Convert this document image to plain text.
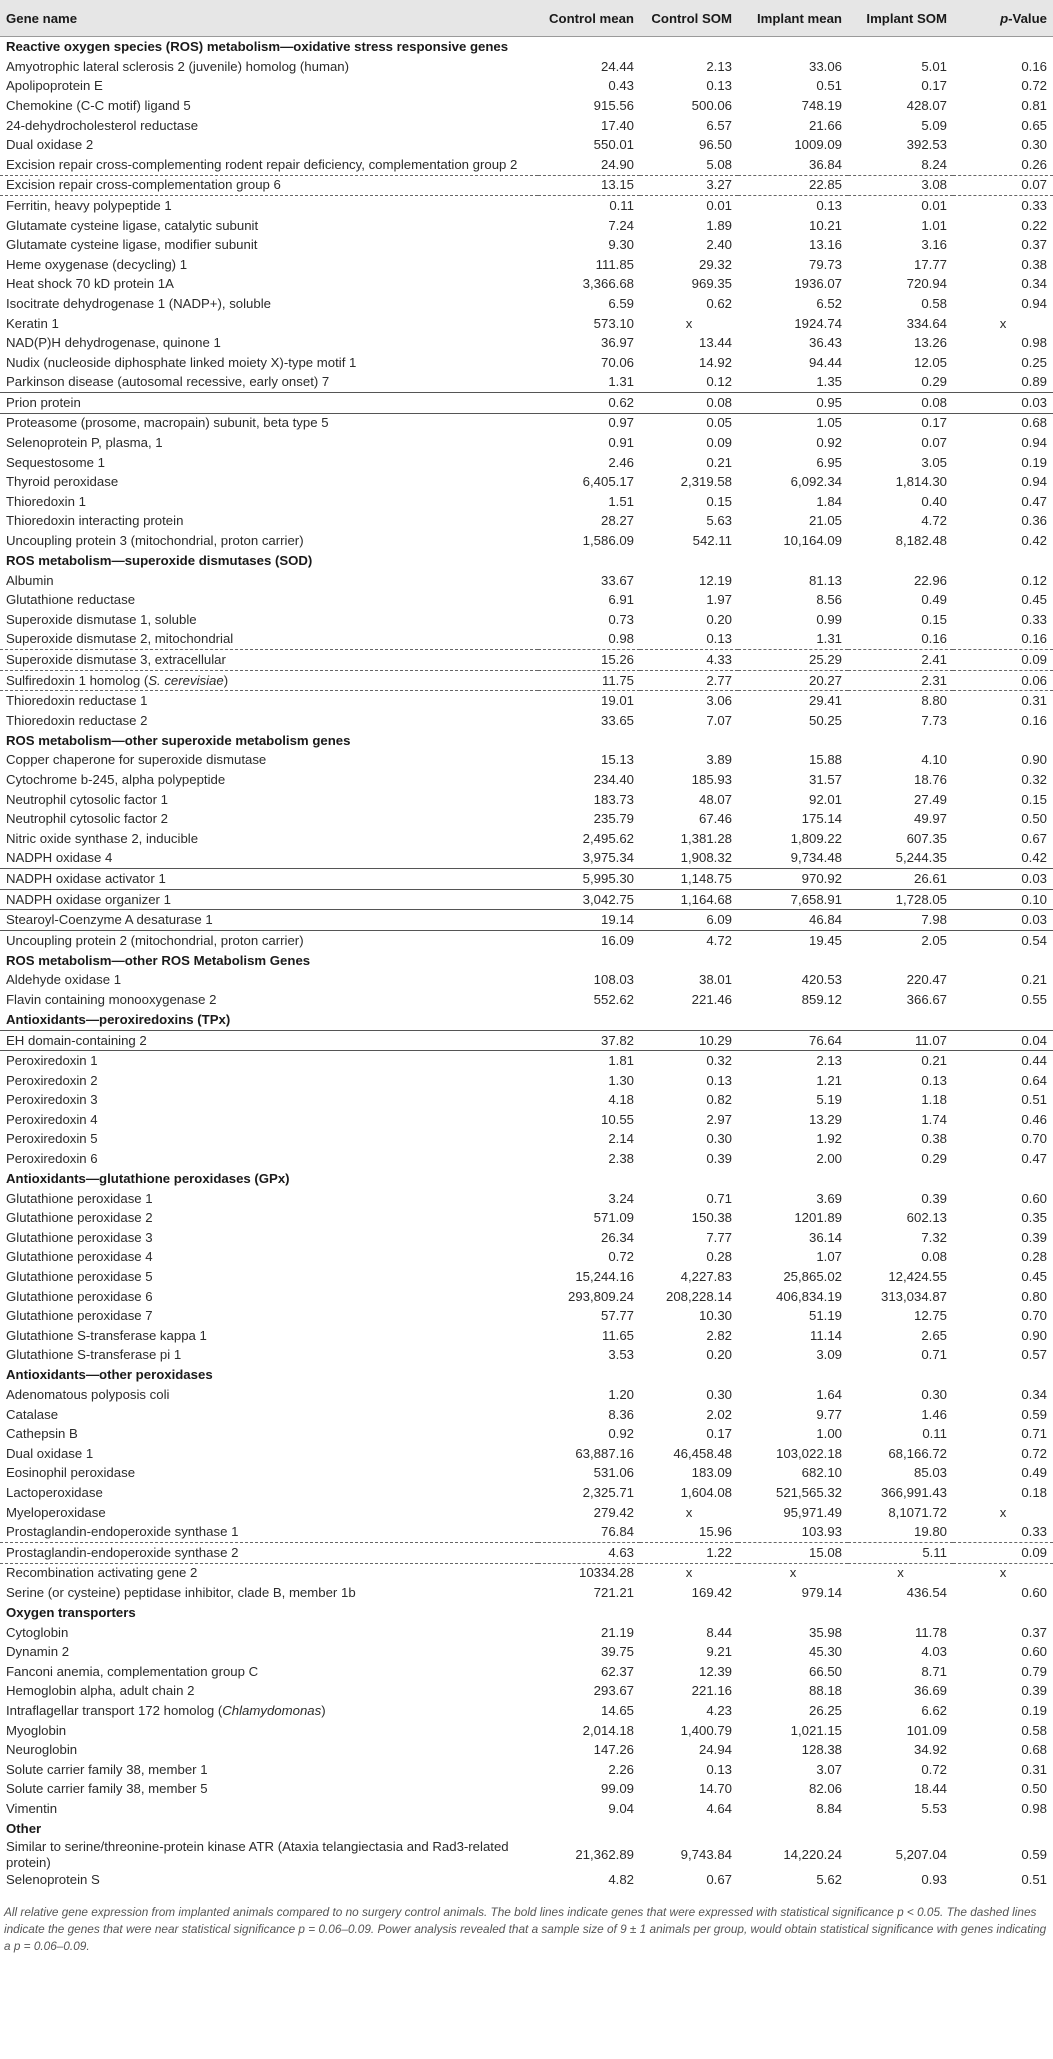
Gene name	Control mean	Control SOM	Implant mean	Implant SOM	p-Value
Reactive oxygen species (ROS) metabolism—oxidative stress responsive genes					
Amyotrophic lateral sclerosis 2 (juvenile) homolog (human)	24.44	2.13	33.06	5.01	0.16
Apolipoprotein E	0.43	0.13	0.51	0.17	0.72
Chemokine (C-C motif) ligand 5	915.56	500.06	748.19	428.07	0.81
24-dehydrocholesterol reductase	17.40	6.57	21.66	5.09	0.65
Dual oxidase 2	550.01	96.50	1009.09	392.53	0.30
Excision repair cross-complementing rodent repair deficiency, complementation group 2	24.90	5.08	36.84	8.24	0.26
Excision repair cross-complementation group 6	13.15	3.27	22.85	3.08	0.07
Ferritin, heavy polypeptide 1	0.11	0.01	0.13	0.01	0.33
Glutamate cysteine ligase, catalytic subunit	7.24	1.89	10.21	1.01	0.22
Glutamate cysteine ligase, modifier subunit	9.30	2.40	13.16	3.16	0.37
Heme oxygenase (decycling) 1	111.85	29.32	79.73	17.77	0.38
Heat shock 70 kD protein 1A	3,366.68	969.35	1936.07	720.94	0.34
Isocitrate dehydrogenase 1 (NADP+), soluble	6.59	0.62	6.52	0.58	0.94
Keratin 1	573.10	x	1924.74	334.64	x
NAD(P)H dehydrogenase, quinone 1	36.97	13.44	36.43	13.26	0.98
Nudix (nucleoside diphosphate linked moiety X)-type motif 1	70.06	14.92	94.44	12.05	0.25
Parkinson disease (autosomal recessive, early onset) 7	1.31	0.12	1.35	0.29	0.89
Prion protein	0.62	0.08	0.95	0.08	0.03
Proteasome (prosome, macropain) subunit, beta type 5	0.97	0.05	1.05	0.17	0.68
Selenoprotein P, plasma, 1	0.91	0.09	0.92	0.07	0.94
Sequestosome 1	2.46	0.21	6.95	3.05	0.19
Thyroid peroxidase	6,405.17	2,319.58	6,092.34	1,814.30	0.94
Thioredoxin 1	1.51	0.15	1.84	0.40	0.47
Thioredoxin interacting protein	28.27	5.63	21.05	4.72	0.36
Uncoupling protein 3 (mitochondrial, proton carrier)	1,586.09	542.11	10,164.09	8,182.48	0.42
ROS metabolism—superoxide dismutases (SOD)					
Albumin	33.67	12.19	81.13	22.96	0.12
Glutathione reductase	6.91	1.97	8.56	0.49	0.45
Superoxide dismutase 1, soluble	0.73	0.20	0.99	0.15	0.33
Superoxide dismutase 2, mitochondrial	0.98	0.13	1.31	0.16	0.16
Superoxide dismutase 3, extracellular	15.26	4.33	25.29	2.41	0.09
Sulfiredoxin 1 homolog (S. cerevisiae)	11.75	2.77	20.27	2.31	0.06
Thioredoxin reductase 1	19.01	3.06	29.41	8.80	0.31
Thioredoxin reductase 2	33.65	7.07	50.25	7.73	0.16
ROS metabolism—other superoxide metabolism genes					
Copper chaperone for superoxide dismutase	15.13	3.89	15.88	4.10	0.90
Cytochrome b-245, alpha polypeptide	234.40	185.93	31.57	18.76	0.32
Neutrophil cytosolic factor 1	183.73	48.07	92.01	27.49	0.15
Neutrophil cytosolic factor 2	235.79	67.46	175.14	49.97	0.50
Nitric oxide synthase 2, inducible	2,495.62	1,381.28	1,809.22	607.35	0.67
NADPH oxidase 4	3,975.34	1,908.32	9,734.48	5,244.35	0.42
NADPH oxidase activator 1	5,995.30	1,148.75	970.92	26.61	0.03
NADPH oxidase organizer 1	3,042.75	1,164.68	7,658.91	1,728.05	0.10
Stearoyl-Coenzyme A desaturase 1	19.14	6.09	46.84	7.98	0.03
Uncoupling protein 2 (mitochondrial, proton carrier)	16.09	4.72	19.45	2.05	0.54
ROS metabolism—other ROS Metabolism Genes					
Aldehyde oxidase 1	108.03	38.01	420.53	220.47	0.21
Flavin containing monooxygenase 2	552.62	221.46	859.12	366.67	0.55
Antioxidants—peroxiredoxins (TPx)					
EH domain-containing 2	37.82	10.29	76.64	11.07	0.04
Peroxiredoxin 1	1.81	0.32	2.13	0.21	0.44
Peroxiredoxin 2	1.30	0.13	1.21	0.13	0.64
Peroxiredoxin 3	4.18	0.82	5.19	1.18	0.51
Peroxiredoxin 4	10.55	2.97	13.29	1.74	0.46
Peroxiredoxin 5	2.14	0.30	1.92	0.38	0.70
Peroxiredoxin 6	2.38	0.39	2.00	0.29	0.47
Antioxidants—glutathione peroxidases (GPx)					
Glutathione peroxidase 1	3.24	0.71	3.69	0.39	0.60
Glutathione peroxidase 2	571.09	150.38	1201.89	602.13	0.35
Glutathione peroxidase 3	26.34	7.77	36.14	7.32	0.39
Glutathione peroxidase 4	0.72	0.28	1.07	0.08	0.28
Glutathione peroxidase 5	15,244.16	4,227.83	25,865.02	12,424.55	0.45
Glutathione peroxidase 6	293,809.24	208,228.14	406,834.19	313,034.87	0.80
Glutathione peroxidase 7	57.77	10.30	51.19	12.75	0.70
Glutathione S-transferase kappa 1	11.65	2.82	11.14	2.65	0.90
Glutathione S-transferase pi 1	3.53	0.20	3.09	0.71	0.57
Antioxidants—other peroxidases					
Adenomatous polyposis coli	1.20	0.30	1.64	0.30	0.34
Catalase	8.36	2.02	9.77	1.46	0.59
Cathepsin B	0.92	0.17	1.00	0.11	0.71
Dual oxidase 1	63,887.16	46,458.48	103,022.18	68,166.72	0.72
Eosinophil peroxidase	531.06	183.09	682.10	85.03	0.49
Lactoperoxidase	2,325.71	1,604.08	521,565.32	366,991.43	0.18
Myeloperoxidase	279.42	x	95,971.49	8,1071.72	x
Prostaglandin-endoperoxide synthase 1	76.84	15.96	103.93	19.80	0.33
Prostaglandin-endoperoxide synthase 2	4.63	1.22	15.08	5.11	0.09
Recombination activating gene 2	10334.28	x	x	x	x
Serine (or cysteine) peptidase inhibitor, clade B, member 1b	721.21	169.42	979.14	436.54	0.60
Oxygen transporters					
Cytoglobin	21.19	8.44	35.98	11.78	0.37
Dynamin 2	39.75	9.21	45.30	4.03	0.60
Fanconi anemia, complementation group C	62.37	12.39	66.50	8.71	0.79
Hemoglobin alpha, adult chain 2	293.67	221.16	88.18	36.69	0.39
Intraflagellar transport 172 homolog (Chlamydomonas)	14.65	4.23	26.25	6.62	0.19
Myoglobin	2,014.18	1,400.79	1,021.15	101.09	0.58
Neuroglobin	147.26	24.94	128.38	34.92	0.68
Solute carrier family 38, member 1	2.26	0.13	3.07	0.72	0.31
Solute carrier family 38, member 5	99.09	14.70	82.06	18.44	0.50
Vimentin	9.04	4.64	8.84	5.53	0.98
Other					
Similar to serine/threonine-protein kinase ATR (Ataxia telangiectasia and Rad3-related protein)	21,362.89	9,743.84	14,220.24	5,207.04	0.59
Selenoprotein S	4.82	0.67	5.62	0.93	0.51

All relative gene expression from implanted animals compared to no surgery control animals. The bold lines indicate genes that were expressed with statistical significance p < 0.05. The dashed lines indicate the genes that were near statistical significance p = 0.06–0.09. Power analysis revealed that a sample size of 9 ± 1 animals per group, would obtain statistical significance with genes indicating a p = 0.06–0.09.
